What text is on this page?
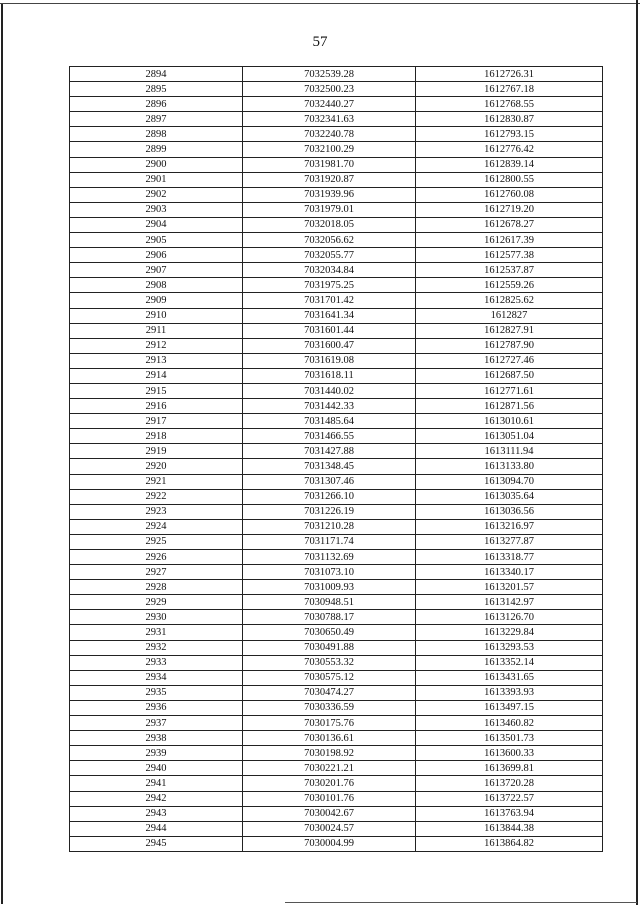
57
2894	7032539.28	1612726.31
2895	7032500.23	1612767.18
2896	7032440.27	1612768.55
2897	7032341.63	1612830.87
2898	7032240.78	1612793.15
2899	7032100.29	1612776.42
2900	7031981.70	1612839.14
2901	7031920.87	1612800.55
2902	7031939.96	1612760.08
2903	7031979.01	1612719.20
2904	7032018.05	1612678.27
2905	7032056.62	1612617.39
2906	7032055.77	1612577.38
2907	7032034.84	1612537.87
2908	7031975.25	1612559.26
2909	7031701.42	1612825.62
2910	7031641.34	1612827
2911	7031601.44	1612827.91
2912	7031600.47	1612787.90
2913	7031619.08	1612727.46
2914	7031618.11	1612687.50
2915	7031440.02	1612771.61
2916	7031442.33	1612871.56
2917	7031485.64	1613010.61
2918	7031466.55	1613051.04
2919	7031427.88	1613111.94
2920	7031348.45	1613133.80
2921	7031307.46	1613094.70
2922	7031266.10	1613035.64
2923	7031226.19	1613036.56
2924	7031210.28	1613216.97
2925	7031171.74	1613277.87
2926	7031132.69	1613318.77
2927	7031073.10	1613340.17
2928	7031009.93	1613201.57
2929	7030948.51	1613142.97
2930	7030788.17	1613126.70
2931	7030650.49	1613229.84
2932	7030491.88	1613293.53
2933	7030553.32	1613352.14
2934	7030575.12	1613431.65
2935	7030474.27	1613393.93
2936	7030336.59	1613497.15
2937	7030175.76	1613460.82
2938	7030136.61	1613501.73
2939	7030198.92	1613600.33
2940	7030221.21	1613699.81
2941	7030201.76	1613720.28
2942	7030101.76	1613722.57
2943	7030042.67	1613763.94
2944	7030024.57	1613844.38
2945	7030004.99	1613864.82
